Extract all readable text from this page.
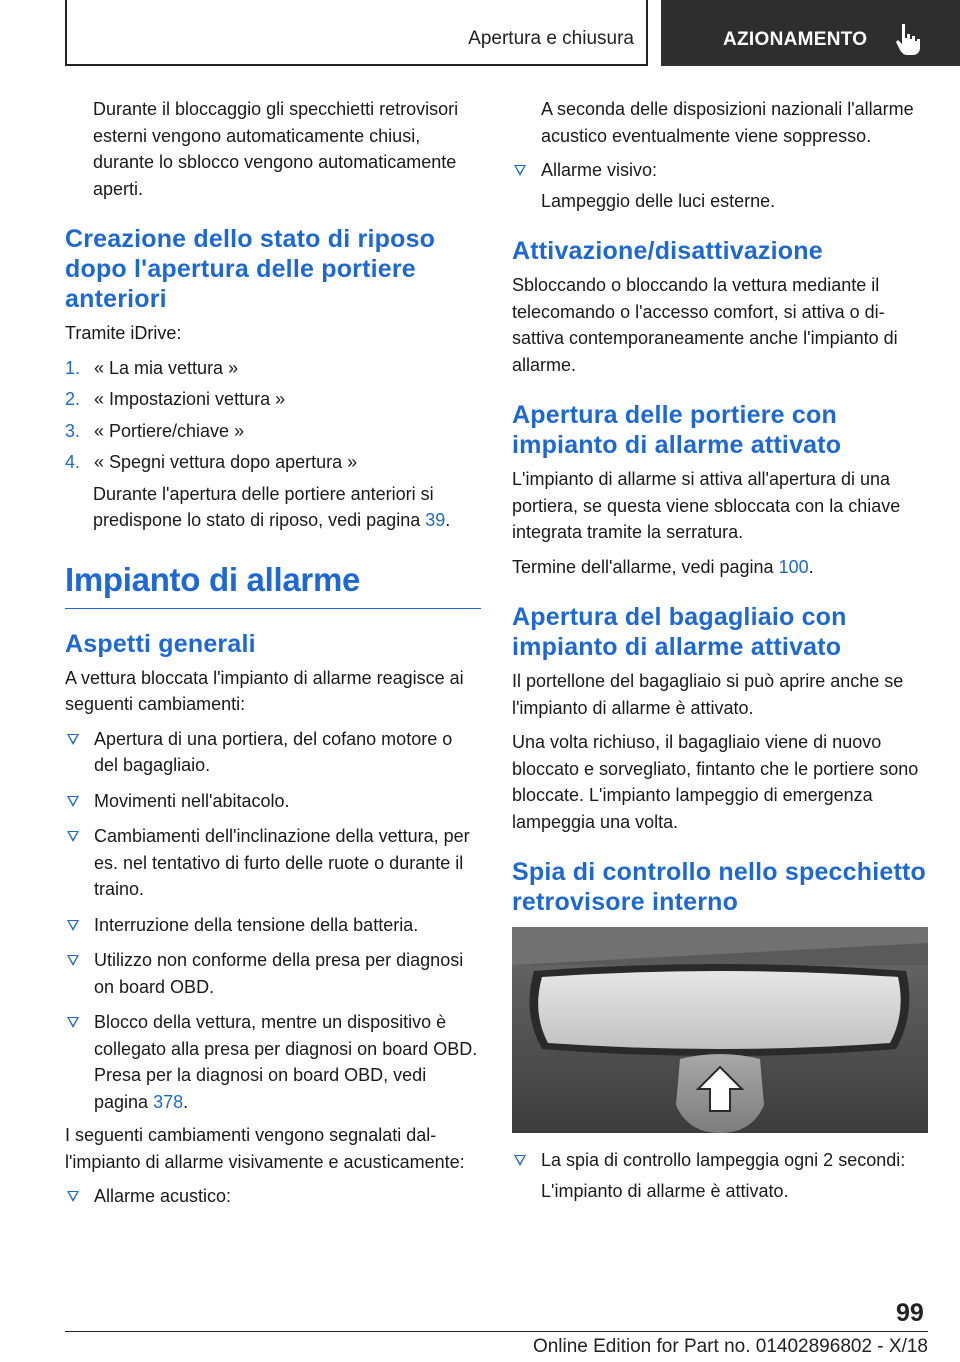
Apertura e chiusura	AZIONAMENTO

Durante il bloccaggio gli specchietti retrovisori esterni vengono automaticamente chiusi, durante lo sblocco vengono automaticamente aperti.

Creazione dello stato di riposo dopo l'apertura delle portiere anteriori

Tramite iDrive:

1. « La mia vettura »
2. « Impostazioni vettura »
3. « Portiere/chiave »
4. « Spegni vettura dopo apertura »

Durante l'apertura delle portiere anteriori si predispone lo stato di riposo, vedi pagina 39.

Impianto di allarme
Aspetti generali

A vettura bloccata l'impianto di allarme reagisce ai seguenti cambiamenti:

Apertura di una portiera, del cofano motore o del bagagliaio.
Movimenti nell'abitacolo.
Cambiamenti dell'inclinazione della vettura, per es. nel tentativo di furto delle ruote o durante il traino.
Interruzione della tensione della batteria.
Utilizzo non conforme della presa per diagnosi on board OBD.
Blocco della vettura, mentre un dispositivo è collegato alla presa per diagnosi on board OBD. Presa per la diagnosi on board OBD, vedi pagina 378.

I seguenti cambiamenti vengono segnalati dall'impianto di allarme visivamente e acusticamente:

Allarme acustico:

A seconda delle disposizioni nazionali l'allarme acustico eventualmente viene soppresso.

Allarme visivo:

Lampeggio delle luci esterne.

Attivazione/disattivazione

Sbloccando o bloccando la vettura mediante il telecomando o l'accesso comfort, si attiva o disattiva contemporaneamente anche l'impianto di allarme.

Apertura delle portiere con impianto di allarme attivato

L'impianto di allarme si attiva all'apertura di una portiera, se questa viene sbloccata con la chiave integrata tramite la serratura.

Termine dell'allarme, vedi pagina 100.

Apertura del bagagliaio con impianto di allarme attivato

Il portellone del bagagliaio si può aprire anche se l'impianto di allarme è attivato.

Una volta richiuso, il bagagliaio viene di nuovo bloccato e sorvegliato, fintanto che le portiere sono bloccate. L'impianto lampeggio di emergenza lampeggia una volta.

Spia di controllo nello specchietto retrovisore interno
La spia di controllo lampeggia ogni 2 secondi:

L'impianto di allarme è attivato.

99
Online Edition for Part no. 01402896802 - X/18
